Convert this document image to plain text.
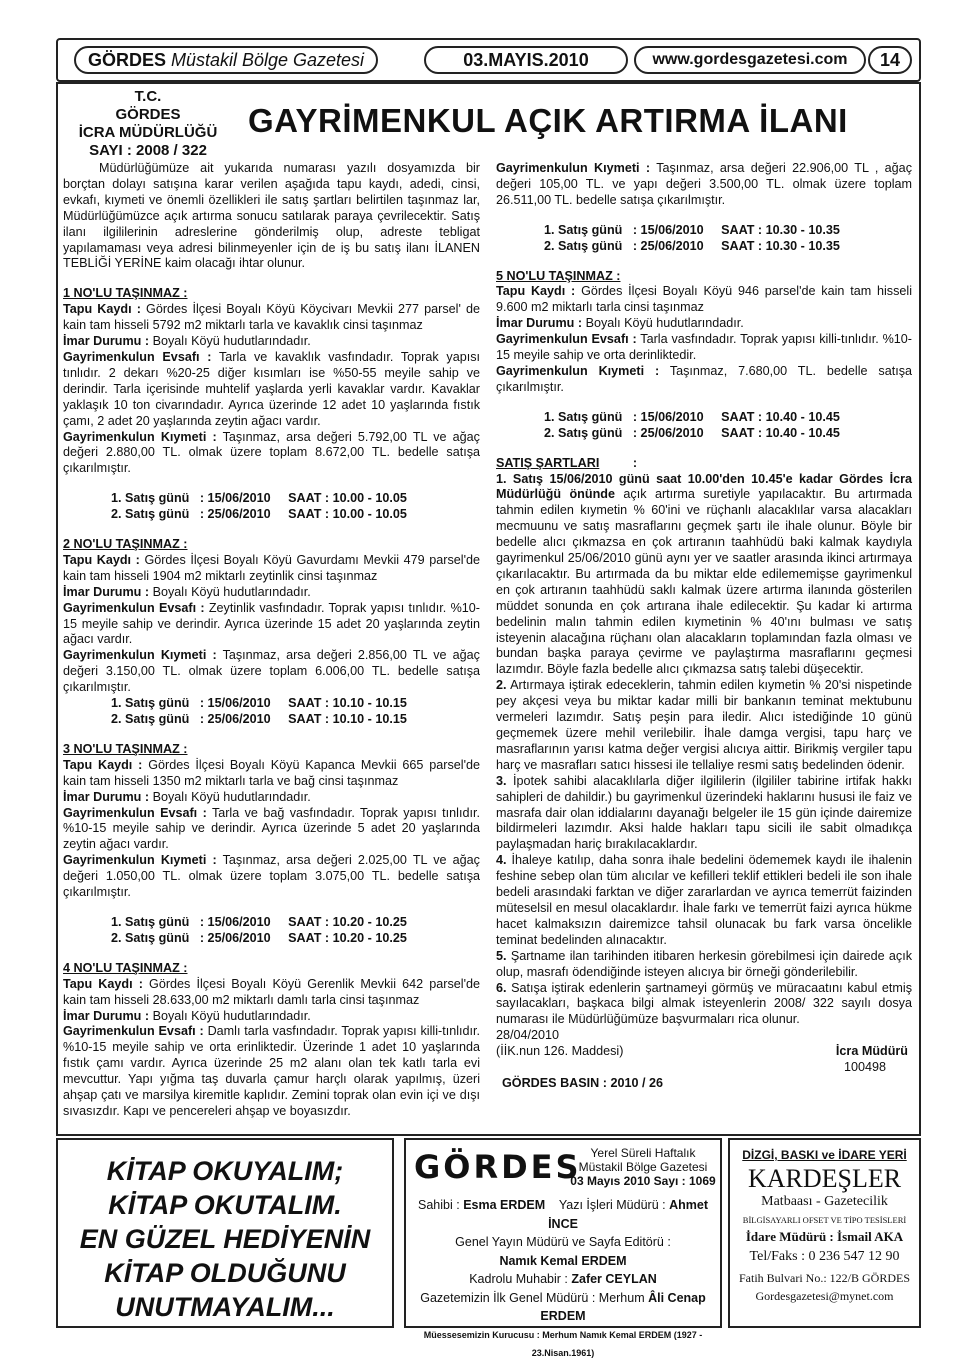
GÖRDES Müstakil Bölge Gazetesi	03.MAYIS.2010	www.gordesgazetesi.com	14
T.C.
GÖRDES
İCRA MÜDÜRLÜĞÜ
SAYI : 2008 / 322
GAYRİMENKUL AÇIK ARTIRMA İLANI

Müdürlüğümüze ait yukarıda numarası yazılı dosyamızda bir borçtan dolayı satışına karar verilen aşağıda tapu kaydı, adedi, cinsi, evkafı, kıymeti ve önemli özellikleri ile satış şartları belirtilen taşınmaz lar, Müdürlüğümüzce açık artırma sonucu satılarak paraya çevrilecektir. Satış ilanı ilgililerinin adreslerine gönderilmiş olup, adreste tebligat yapılamaması veya adresi bilinmeyenler için de iş bu satış ilanı İLANEN TEBLİĞİ YERİNE kaim olacağı ihtar olunur.

1 NO'LU TAŞINMAZ :

Tapu Kaydı : Gördes İlçesi Boyalı Köyü Köycivarı Mevkii 277 parsel' de kain tam hisseli 5792 m2 miktarlı tarla ve kavaklık cinsi taşınmaz

İmar Durumu : Boyalı Köyü hudutlarındadır.

Gayrimenkulun Evsafı : Tarla ve kavaklık vasfındadır. Toprak yapısı tınlıdır. 2 dekarı %20-25 diğer kısımları ise %50-55 meyile sahip ve derindir. Tarla içerisinde muhtelif yaşlarda yerli kavaklar vardır. Kavaklar yaklaşık 10 ton civarındadır. Ayrıca üzerinde 12 adet 10 yaşlarında fıstık çamı, 2 adet 20 yaşlarında zeytin ağacı vardır.

Gayrimenkulun Kıymeti : Taşınmaz, arsa değeri 5.792,00 TL ve ağaç değeri 2.880,00 TL. olmak üzere toplam 8.672,00 TL. bedelle satışa çıkarılmıştır.

1. Satış günü   : 15/06/2010     SAAT : 10.00 - 10.05

2. Satış günü   : 25/06/2010     SAAT : 10.00 - 10.05

2 NO'LU TAŞINMAZ :

Tapu Kaydı : Gördes İlçesi Boyalı Köyü Gavurdamı Mevkii 479 parsel'de kain tam hisseli 1904 m2 miktarlı zeytinlik cinsi taşınmaz

İmar Durumu : Boyalı Köyü hudutlarındadır.

Gayrimenkulun Evsafı : Zeytinlik vasfındadır. Toprak yapısı tınlıdır. %10-15 meyile sahip ve derindir. Ayrıca üzerinde 15 adet 20 yaşlarında zeytin ağacı vardır.

Gayrimenkulun Kıymeti : Taşınmaz, arsa değeri 2.856,00 TL ve ağaç değeri 3.150,00 TL. olmak üzere toplam 6.006,00 TL. bedelle satışa çıkarılmıştır.

1. Satış günü   : 15/06/2010     SAAT : 10.10 - 10.15

2. Satış günü   : 25/06/2010     SAAT : 10.10 - 10.15

3 NO'LU TAŞINMAZ :

Tapu Kaydı : Gördes İlçesi Boyalı Köyü Kapanca Mevkii 665 parsel'de kain tam hisseli 1350 m2 miktarlı tarla ve bağ cinsi taşınmaz

İmar Durumu : Boyalı Köyü hudutlarındadır.

Gayrimenkulun Evsafı : Tarla ve bağ vasfındadır. Toprak yapısı tınlıdır. %10-15 meyile sahip ve derindir. Ayrıca üzerinde 5 adet 20 yaşlarında zeytin ağacı vardır.

Gayrimenkulun Kıymeti : Taşınmaz, arsa değeri 2.025,00 TL ve ağaç değeri 1.050,00 TL. olmak üzere toplam 3.075,00 TL. bedelle satışa çıkarılmıştır.

1. Satış günü   : 15/06/2010     SAAT : 10.20 - 10.25

2. Satış günü   : 25/06/2010     SAAT : 10.20 - 10.25

4 NO'LU TAŞINMAZ :

Tapu Kaydı : Gördes İlçesi Boyalı Köyü Gerenlik Mevkii 642 parsel'de kain tam hisseli 28.633,00 m2 miktarlı damlı tarla cinsi taşınmaz

İmar Durumu : Boyalı Köyü hudutlarındadır.

Gayrimenkulun Evsafı : Damlı tarla vasfındadır. Toprak yapısı killi-tınlıdır. %10-15 meyile sahip ve orta erinliktedir. Üzerinde 1 adet 10 yaşlarında fıstık çamı vardır. Ayrıca üzerinde 25 m2 alanı olan tek katlı tarla evi mevcuttur. Yapı yığma taş duvarla çamur harçlı olarak yapılmış, üzeri ahşap çatı ve marsilya kiremitle kaplıdır. Zemini toprak olan evin içi ve dışı sıvasızdır. Kapı ve pencereleri ahşap ve boyasızdır.

Gayrimenkulun Kıymeti : Taşınmaz, arsa değeri 22.906,00 TL , ağaç değeri 105,00 TL. ve yapı değeri 3.500,00 TL. olmak üzere toplam 26.511,00 TL. bedelle satışa çıkarılmıştır.

1. Satış günü   : 15/06/2010     SAAT : 10.30 - 10.35

2. Satış günü   : 25/06/2010     SAAT : 10.30 - 10.35

5 NO'LU TAŞINMAZ :

Tapu Kaydı : Gördes İlçesi Boyalı Köyü 946 parsel'de kain tam hisseli 9.600 m2 miktarlı tarla cinsi taşınmaz

İmar Durumu : Boyalı Köyü hudutlarındadır.

Gayrimenkulun Evsafı : Tarla vasfındadır. Toprak yapısı killi-tınlıdır. %10-15 meyile sahip ve orta derinliktedir.

Gayrimenkulun Kıymeti : Taşınmaz, 7.680,00 TL. bedelle satışa çıkarılmıştır.

1. Satış günü   : 15/06/2010     SAAT : 10.40 - 10.45

2. Satış günü   : 25/06/2010     SAAT : 10.40 - 10.45

SATIŞ ŞARTLARI	:

1. Satış 15/06/2010 günü saat 10.00'den 10.45'e kadar Gördes İcra Müdürlüğü önünde açık artırma suretiyle yapılacaktır. Bu artırmada tahmin edilen kıymetin % 60'ini ve rüçhanlı alacaklılar varsa alacakları mecmuunu ve satış masraflarını geçmek şartı ile ihale olunur. Böyle bir bedelle alıcı çıkmazsa en çok artıranın taahhüdü baki kalmak kaydıyla gayrimenkul 25/06/2010 günü aynı yer ve saatler arasında ikinci artırmaya çıkarılacaktır. Bu artırmada da bu miktar elde edilememişse gayrimenkul en çok artıranın taahhüdü saklı kalmak üzere artırma ilanında gösterilen müddet sonunda en çok artırana ihale edilecektir. Şu kadar ki artırma bedelinin malın tahmin edilen kıymetinin % 40'ını bulması ve satış isteyenin alacağına rüçhanı olan alacakların toplamından fazla olması ve bundan başka paraya çevirme ve paylaştırma masraflarını geçmesi lazımdır. Böyle fazla bedelle alıcı çıkmazsa satış talebi düşecektir.

2. Artırmaya iştirak edeceklerin, tahmin edilen kıymetin % 20'si nispetinde pey akçesi veya bu miktar kadar milli bir bankanın teminat mektubunu vermeleri lazımdır. Satış peşin para iledir. Alıcı istediğinde 10 günü geçmemek üzere mehil verilebilir. İhale damga vergisi, tapu harç ve masraflarının yarısı katma değer vergisi alıcıya aittir. Birikmiş vergiler tapu harç ve masrafları satıcı hissesi ile tellaliye resmi satış bedelinden ödenir.

3. İpotek sahibi alacaklılarla diğer ilgililerin (ilgililer tabirine irtifak hakkı sahipleri de dahildir.) bu gayrimenkul üzerindeki haklarını hususi ile faiz ve masrafa dair olan iddialarını dayanağı belgeler ile 15 gün içinde dairemize bildirmeleri lazımdır. Aksi halde hakları tapu sicili ile sabit olmadıkça paylaşmadan hariç bırakılacaklardır.

4. İhaleye katılıp, daha sonra ihale bedelini ödememek kaydı ile ihalenin feshine sebep olan tüm alıcılar ve kefilleri teklif ettikleri bedeli ile son ihale bedeli arasındaki farktan ve diğer zararlardan ve ayrıca temerrüt faizinden müteselsil en mesul olacaklardır. İhale farkı ve temerrüt faizi ayrıca hükme hacet kalmaksızın dairemizce tahsil olunacak bu fark varsa öncelikle teminat bedelinden alınacaktır.

5. Şartname ilan tarihinden itibaren herkesin görebilmesi için dairede açık olup, masrafı ödendiğinde isteyen alıcıya bir örneği gönderilebilir.

6. Satışa iştirak edenlerin şartnameyi görmüş ve müracaatını kabul etmiş sayılacakları, başkaca bilgi almak isteyenlerin 2008/ 322 sayılı dosya numarası ile Müdürlüğümüze başvurmaları rica olunur.

28/04/2010

(İİK.nun 126. Maddesi)	İcra Müdürü

100498

GÖRDES BASIN : 2010 / 26

KİTAP OKUYALIM;
KİTAP OKUTALIM.
EN GÜZEL HEDİYENİN
KİTAP OLDUĞUNU
UNUTMAYALIM...
GÖRDES Yerel Süreli Haftalık
Müstakil Bölge Gazetesi
03 Mayıs 2010 Sayı : 1069
Sahibi : Esma ERDEM Yazı İşleri Müdürü : Ahmet İNCE
Genel Yayın Müdürü ve Sayfa Editörü :
Namık Kemal ERDEM
Kadrolu Muhabir : Zafer CEYLAN
Gazetemizin İlk Genel Müdürü : Merhum Âli Cenap ERDEM
Müessesemizin Kurucusu : Merhum Namık Kemal ERDEM (1927 - 23.Nisan.1961)
DİZGİ, BASKI ve İDARE YERİ
KARDEŞLER
Matbaası - Gazetecilik
BİLGİSAYARLI OFSET VE TİPO TESİSLERİ
İdare Müdürü : İsmail AKA
Tel/Faks : 0 236 547 12 90
Fatih Bulvari No.: 122/B GÖRDES
Gordesgazetesi@mynet.com
